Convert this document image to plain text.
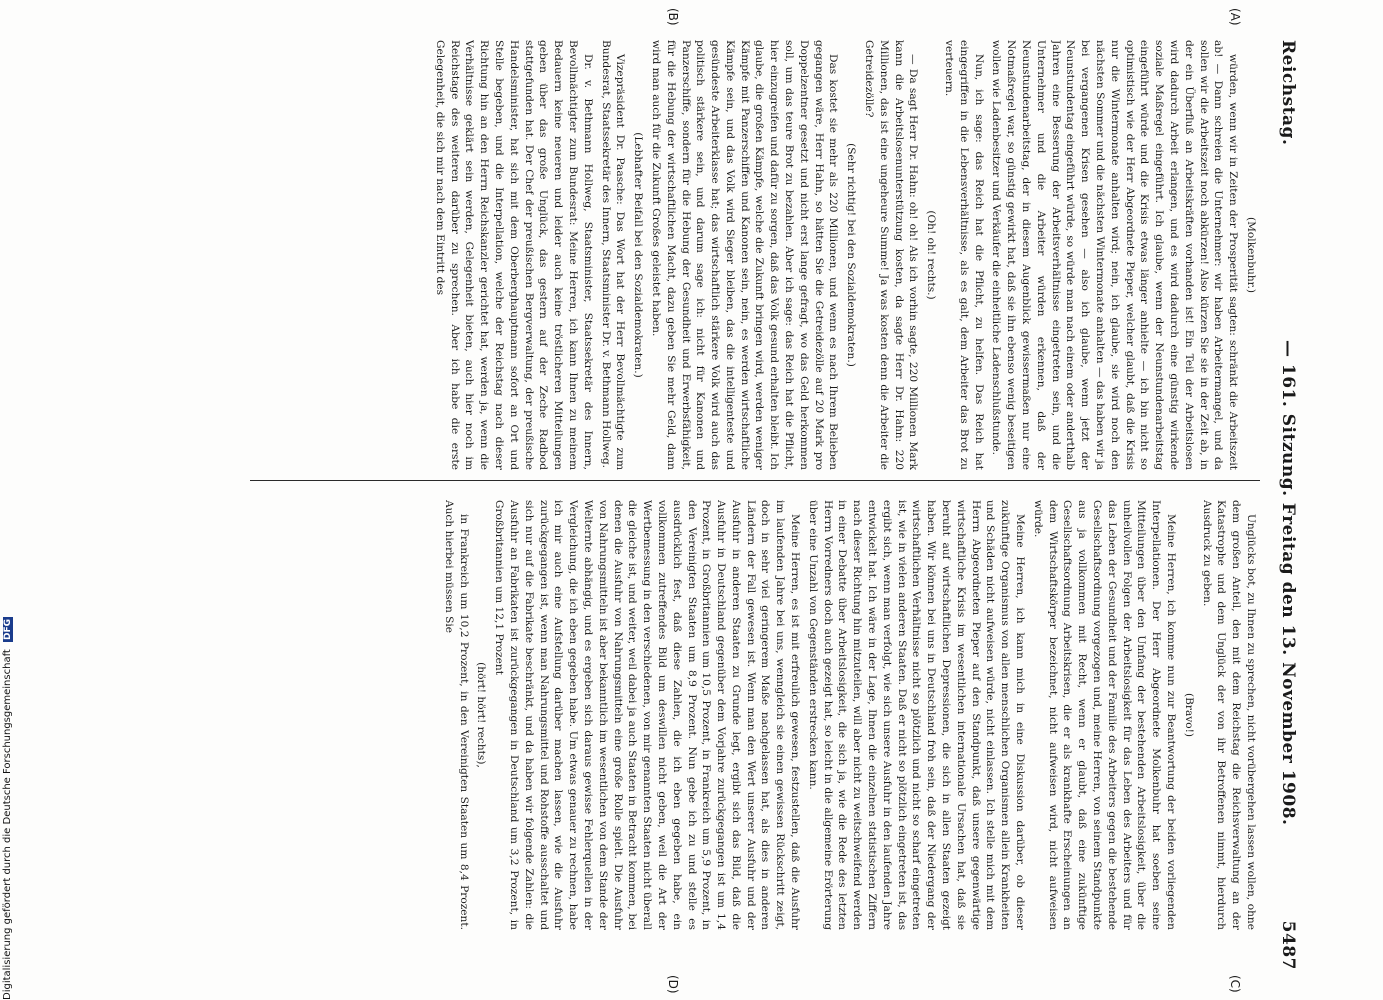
Reichstag.
— 161. Sitzung. Freitag den 13. November 1908.
5487
(A)
(B)
(C)
(D)

(Molkenbuhr.)

würden, wenn wir in Zeiten der Prosperität sagten: schränkt die Arbeitszeit ab! — Dann schreien die Unternehmer: wir haben Arbeitermangel, und da sollen wir die Arbeitszeit noch abkürzen! Also kürzen Sie sie in der Zeit ab, in der ein Überfluß an Arbeitskräften vorhanden ist! Ein Teil der Arbeitslosen wird dadurch Arbeit erlangen, und es wird dadurch eine günstig wirkende soziale Maßregel eingeführt. Ich glaube, wenn der Neunstundenarbeitstag eingeführt würde und die Krisis etwas länger anhielte — ich bin nicht so optimistisch wie der Herr Abgeordnete Pieper, welcher glaubt, daß die Krisis nur die Wintermonate anhalten wird; nein, ich glaube, sie wird noch den nächsten Sommer und die nächsten Wintermonate anhalten — das haben wir ja bei vergangenen Krisen gesehen — also ich glaube, wenn jetzt der Neunstundentag eingeführt würde, so würde man nach einem oder anderthalb Jahren eine Besserung der Arbeitsverhältnisse eingetreten sein, und die Unternehmer und die Arbeiter würden erkennen, daß der Neunstundenarbeitstag, der in diesem Augenblick gewissermaßen nur eine Notmaßregel war, so günstig gewirkt hat, daß sie ihn ebenso wenig beseitigen wollen wie Ladenbesitzer und Verkäufer die einheitliche Ladenschlußstunde.

Nun, ich sage: das Reich hat die Pflicht, zu helfen. Das Reich hat eingegriffen in die Lebensverhältnisse, als es galt, dem Arbeiter das Brot zu verteuern.

(Oh! oh! rechts.)

— Da sagt Herr Dr. Hahn: oh! oh! Als ich vorhin sagte, 220 Millionen Mark kann die Arbeitslosenunterstützung kosten, da sagte Herr Dr. Hahn: 220 Millionen, das ist eine ungeheure Summe! Ja was kosten denn die Arbeiter die Getreidezölle?

(Sehr richtig! bei den Sozialdemokraten.)

Das kostet sie mehr als 220 Millionen, und wenn es nach Ihrem Belieben gegangen wäre, Herr Hahn, so hätten Sie die Getreidezölle auf 20 Mark pro Doppelzentner gesetzt und nicht erst lange gefragt, wo das Geld herkommen soll, um das teure Brot zu bezahlen. Aber ich sage: das Reich hat die Pflicht, hier einzugreifen und dafür zu sorgen, daß das Volk gesund erhalten bleibt. Ich glaube, die großen Kämpfe, welche die Zukunft bringen wird, werden weniger Kämpfe mit Panzerschiffen und Kanonen sein, nein, es werden wirtschaftliche Kämpfe sein, und das Volk wird Sieger bleiben, das die intelligenteste und gesündeste Arbeiterklasse hat; das wirtschaftlich stärkere Volk wird auch das politisch stärkere sein, und darum sage ich: nicht für Kanonen und Panzerschiffe, sondern für die Hebung der Gesundheit und Erwerbsfähigkeit, für die Hebung der wirtschaftlichen Macht, dazu geben Sie mehr Geld, dann wird man auch für die Zukunft Großes geleistet haben.

(Lebhafter Beifall bei den Sozialdemokraten.)

Vizepräsident Dr. Paasche: Das Wort hat der Herr Bevollmächtigte zum Bundesrat, Staatssekretär des Innern, Staatsminister Dr. v. Bethmann Hollweg.

Dr. v. Bethmann Hollweg, Staatsminister, Staatssekretär des Innern, Bevollmächtigter zum Bundesrat: Meine Herren, ich kann Ihnen zu meinem Bedauern keine neueren und leider auch keine tröstlicheren Mitteilungen geben über das große Unglück, das gestern auf der Zeche Radbod stattgefunden hat. Der Chef der preußischen Bergverwaltung, der preußische Handelsminister, hat sich mit dem Oberberghauptmann sofort an Ort und Stelle begeben, und die Interpellation, welche der Reichstag nach dieser Richtung hin an den Herrn Reichskanzler gerichtet hat, werden ja, wenn die Verhältnisse geklärt sein werden, Gelegenheit bieten, auch hier noch im Reichstage des weiteren darüber zu sprechen. Aber ich habe die erste Gelegenheit, die sich mir nach dem Eintritt des

Unglücks bot, zu Ihnen zu sprechen, nicht vorübergehen lassen wollen, ohne dem großen Anteil, den mit dem Reichstag die Reichsverwaltung an der Katastrophe und dem Unglück der von ihr Betroffenen nimmt, hierdurch Ausdruck zu geben.

(Bravo!)

Meine Herren, ich komme nun zur Beantwortung der beiden vorliegenden Interpellationen. Der Herr Abgeordnete Molkenbuhr hat soeben seine Mitteilungen über den Umfang der bestehenden Arbeitslosigkeit, über die unheilvollen Folgen der Arbeitslosigkeit für das Leben des Arbeiters und für das Leben der Gesundheit und der Familie des Arbeiters gegen die bestehende Gesellschaftsordnung vorgezogen und, meine Herren, von seinem Standpunkte aus ja vollkommen mit Recht, wenn er glaubt, daß eine zukünftige Gesellschaftsordnung Arbeitskrisen, die er als krankhafte Erscheinungen an dem Wirtschaftskörper bezeichnet, nicht aufweisen wird, nicht aufweisen würde.

Meine Herren, ich kann mich in eine Diskussion darüber, ob dieser zukünftige Organismus von allen menschlichen Organismen allein Krankheiten und Schäden nicht aufweisen würde, nicht einlassen. Ich stelle mich mit dem Herrn Abgeordneten Pieper auf den Standpunkt, daß unsere gegenwärtige wirtschaftliche Krisis im wesentlichen internationale Ursachen hat, daß sie beruht auf wirtschaftlichen Depressionen, die sich in allen Staaten gezeigt haben. Wir können bei uns in Deutschland froh sein, daß der Niedergang der wirtschaftlichen Verhältnisse nicht so plötzlich und nicht so scharf eingetreten ist, wie in vielen anderen Staaten. Daß er nicht so plötzlich eingetreten ist, das ergibt sich, wenn man verfolgt, wie sich unsere Ausfuhr in den laufenden Jahre entwickelt hat. Ich wäre in der Lage, Ihnen die einzelnen statistischen Ziffern nach dieser Richtung hin mitzuteilen, will aber nicht zu weitschweifend werden in einer Debatte über Arbeitslosigkeit, die sich ja, wie die Rede des letzten Herrn Vorredners doch auch gezeigt hat, so leicht in die allgemeine Erörterung über eine Unzahl von Gegenständen erstrecken kann.

Meine Herren, es ist mit erfreulich gewesen, festzustellen, daß die Ausfuhr im laufenden Jahre bei uns, wenngleich sie einen gewissen Rückschritt zeigt, doch in sehr viel geringerem Maße nachgelassen hat, als dies in anderen Ländern der Fall gewesen ist. Wenn man den Wert unserer Ausfuhr und der Ausfuhr in anderen Staaten zu Grunde legt, ergibt sich das Bild, daß die Ausfuhr in Deutschland gegenüber dem Vorjahre zurückgegangen ist um 1,4 Prozent, in Großbritannien um 10,5 Prozent, in Frankreich um 5,9 Prozent, in den Vereinigten Staaten um 8,9 Prozent. Nun gebe ich zu und stelle es ausdrücklich fest, daß diese Zahlen, die ich eben gegeben habe, ein vollkommen zutreffendes Bild um deswillen nicht geben, weil die Art der Wertbemessung in den verschiedenen, von mir genannten Staaten nicht überall die gleiche ist, und weiter, weil dabei ja auch Staaten in Betracht kommen, bei denen die Ausfuhr von Nahrungsmitteln eine große Rolle spielt. Die Ausfuhr von Nahrungsmitteln ist aber bekanntlich im wesentlichen von dem Stande der Welternte abhängig, und es ergeben sich daraus gewisse Fehlerquellen in der Vergleichung, die ich eben gegeben habe. Um etwas genauer zu rechnen, habe ich mir auch eine Aufstellung darüber machen lassen, wie die Ausfuhr zurückgegangen ist, wenn man Nahrungsmittel und Rohstoffe ausschaltet und sich nur auf die Fabrikate beschränkt, und da haben wir folgende Zahlen: die Ausfuhr an Fabrikaten ist zurückgegangen in Deutschland um 3,2 Prozent, in Großbritannien um 12,1 Prozent

(hört! hört! rechts),

in Frankreich um 10,2 Prozent, in den Vereinigten Staaten um 8,4 Prozent. Auch hierbei müssen Sie

Digitalisierung gefördert durch die Deutsche Forschungsgemeinschaft DFG
